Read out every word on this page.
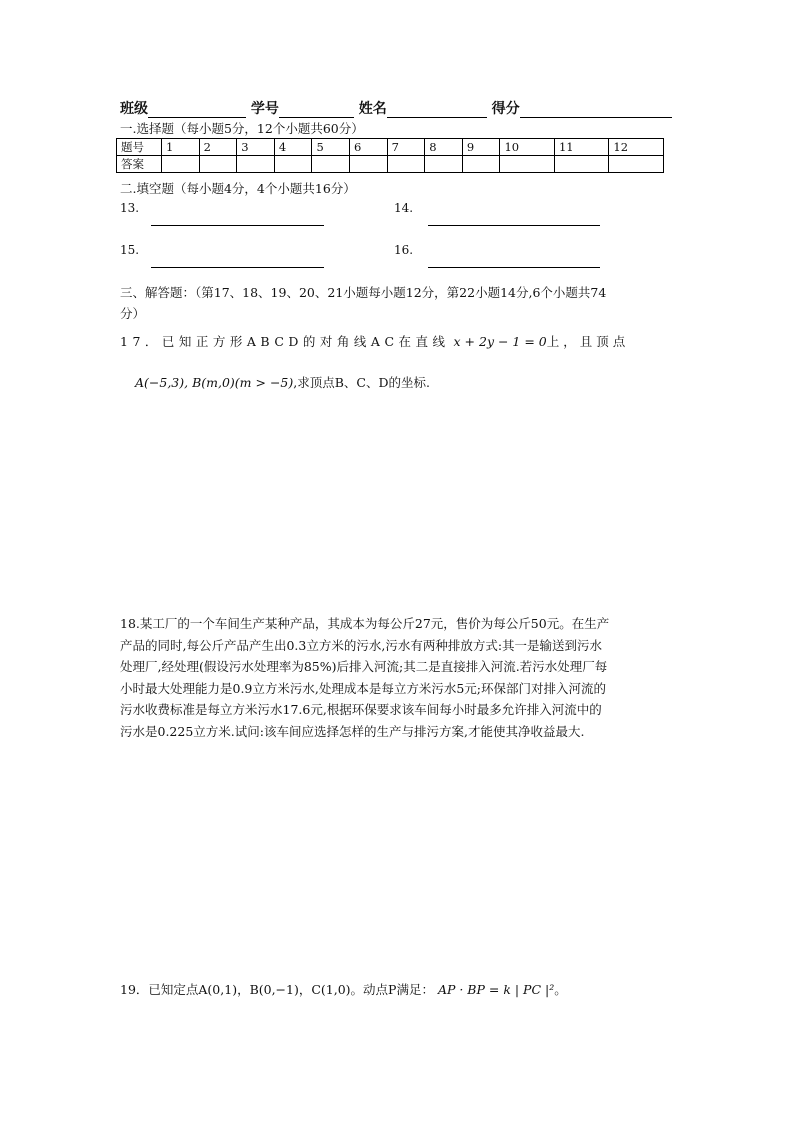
班级	学号	姓名	得分
一.选择题（每小题5分，12个小题共60分）
题号	1	2	3	4	5	6	7	8	9	10	11	12
答案												
二.填空题（每小题4分，4个小题共16分）
13.	14.
15.	16.
三、解答题：（第17、18、19、20、21小题每小题12分，第22小题14分,6个小题共74
分）
17．已知正方形ABCD的对角线AC在直线 x + 2y − 1 = 0上，且顶点
A(−5,3), B(m,0)(m > −5),求顶点B、C、D的坐标.
18.某工厂的一个车间生产某种产品，其成本为每公斤27元，售价为每公斤50元。在生产
产品的同时,每公斤产品产生出0.3立方米的污水,污水有两种排放方式:其一是输送到污水
处理厂,经处理(假设污水处理率为85%)后排入河流;其二是直接排入河流.若污水处理厂每
小时最大处理能力是0.9立方米污水,处理成本是每立方米污水5元;环保部门对排入河流的
污水收费标准是每立方米污水17.6元,根据环保要求该车间每小时最多允许排入河流中的
污水是0.225立方米.试问:该车间应选择怎样的生产与排污方案,才能使其净收益最大.
19．已知定点A(0,1)，B(0,−1)，C(1,0)。动点P满足： AP · BP = k | PC |²。
